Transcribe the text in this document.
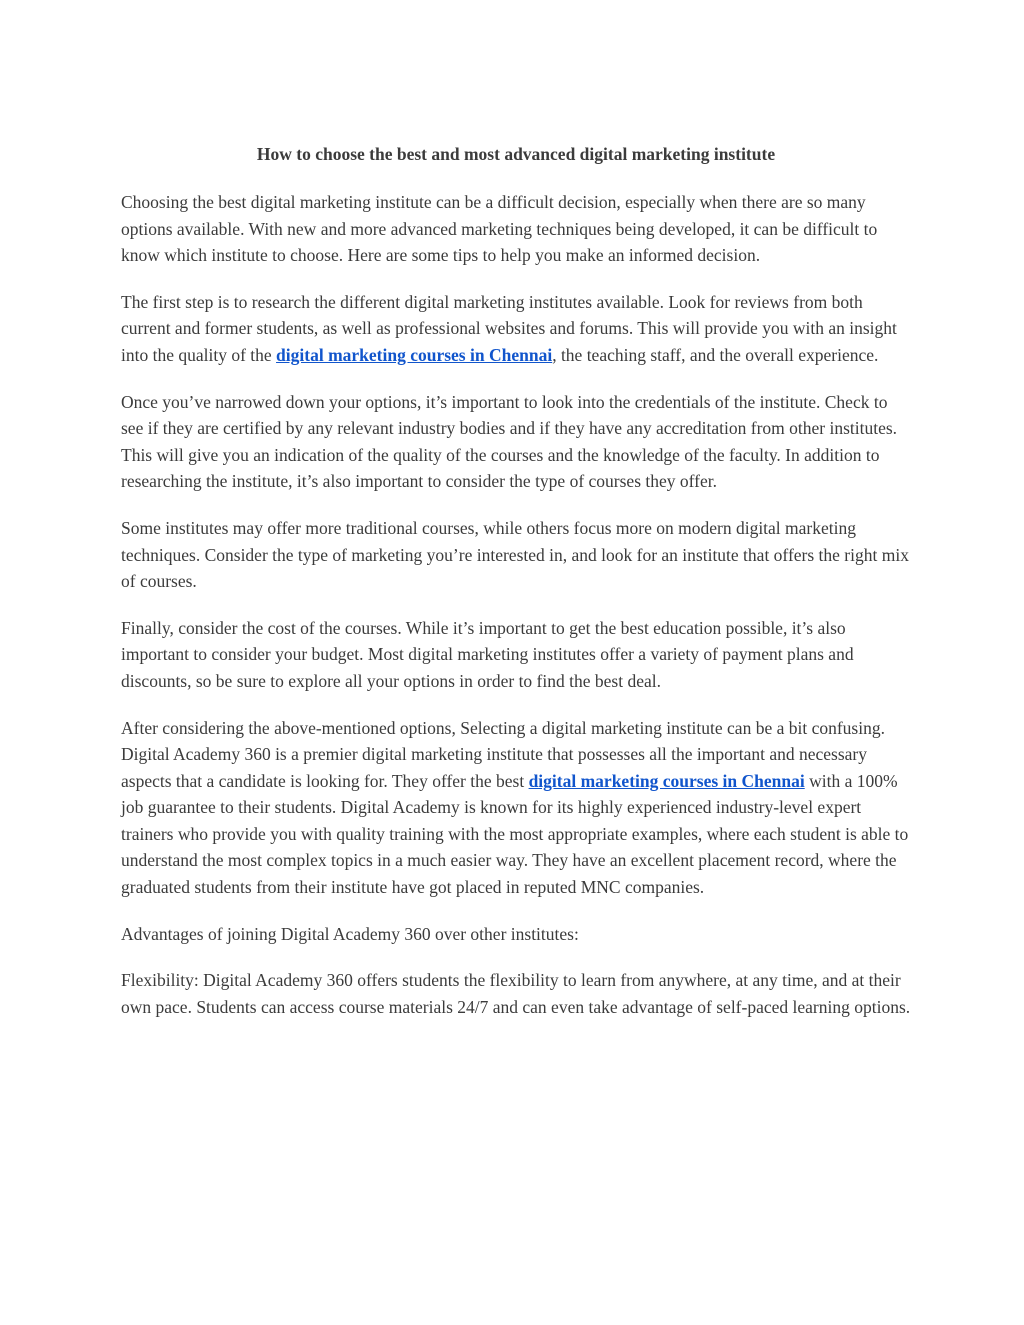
How to choose the best and most advanced digital marketing institute

Choosing the best digital marketing institute can be a difficult decision, especially when there are so many options available. With new and more advanced marketing techniques being developed, it can be difficult to know which institute to choose. Here are some tips to help you make an informed decision.

The first step is to research the different digital marketing institutes available. Look for reviews from both current and former students, as well as professional websites and forums. This will provide you with an insight into the quality of the digital marketing courses in Chennai, the teaching staff, and the overall experience.

Once you’ve narrowed down your options, it’s important to look into the credentials of the institute. Check to see if they are certified by any relevant industry bodies and if they have any accreditation from other institutes. This will give you an indication of the quality of the courses and the knowledge of the faculty. In addition to researching the institute, it’s also important to consider the type of courses they offer.

Some institutes may offer more traditional courses, while others focus more on modern digital marketing techniques. Consider the type of marketing you’re interested in, and look for an institute that offers the right mix of courses.

Finally, consider the cost of the courses. While it’s important to get the best education possible, it’s also important to consider your budget. Most digital marketing institutes offer a variety of payment plans and discounts, so be sure to explore all your options in order to find the best deal.

After considering the above-mentioned options, Selecting a digital marketing institute can be a bit confusing. Digital Academy 360 is a premier digital marketing institute that possesses all the important and necessary aspects that a candidate is looking for. They offer the best digital marketing courses in Chennai with a 100% job guarantee to their students. Digital Academy is known for its highly experienced industry-level expert trainers who provide you with quality training with the most appropriate examples, where each student is able to understand the most complex topics in a much easier way. They have an excellent placement record, where the graduated students from their institute have got placed in reputed MNC companies.

Advantages of joining Digital Academy 360 over other institutes:

Flexibility: Digital Academy 360 offers students the flexibility to learn from anywhere, at any time, and at their own pace. Students can access course materials 24/7 and can even take advantage of self-paced learning options.
